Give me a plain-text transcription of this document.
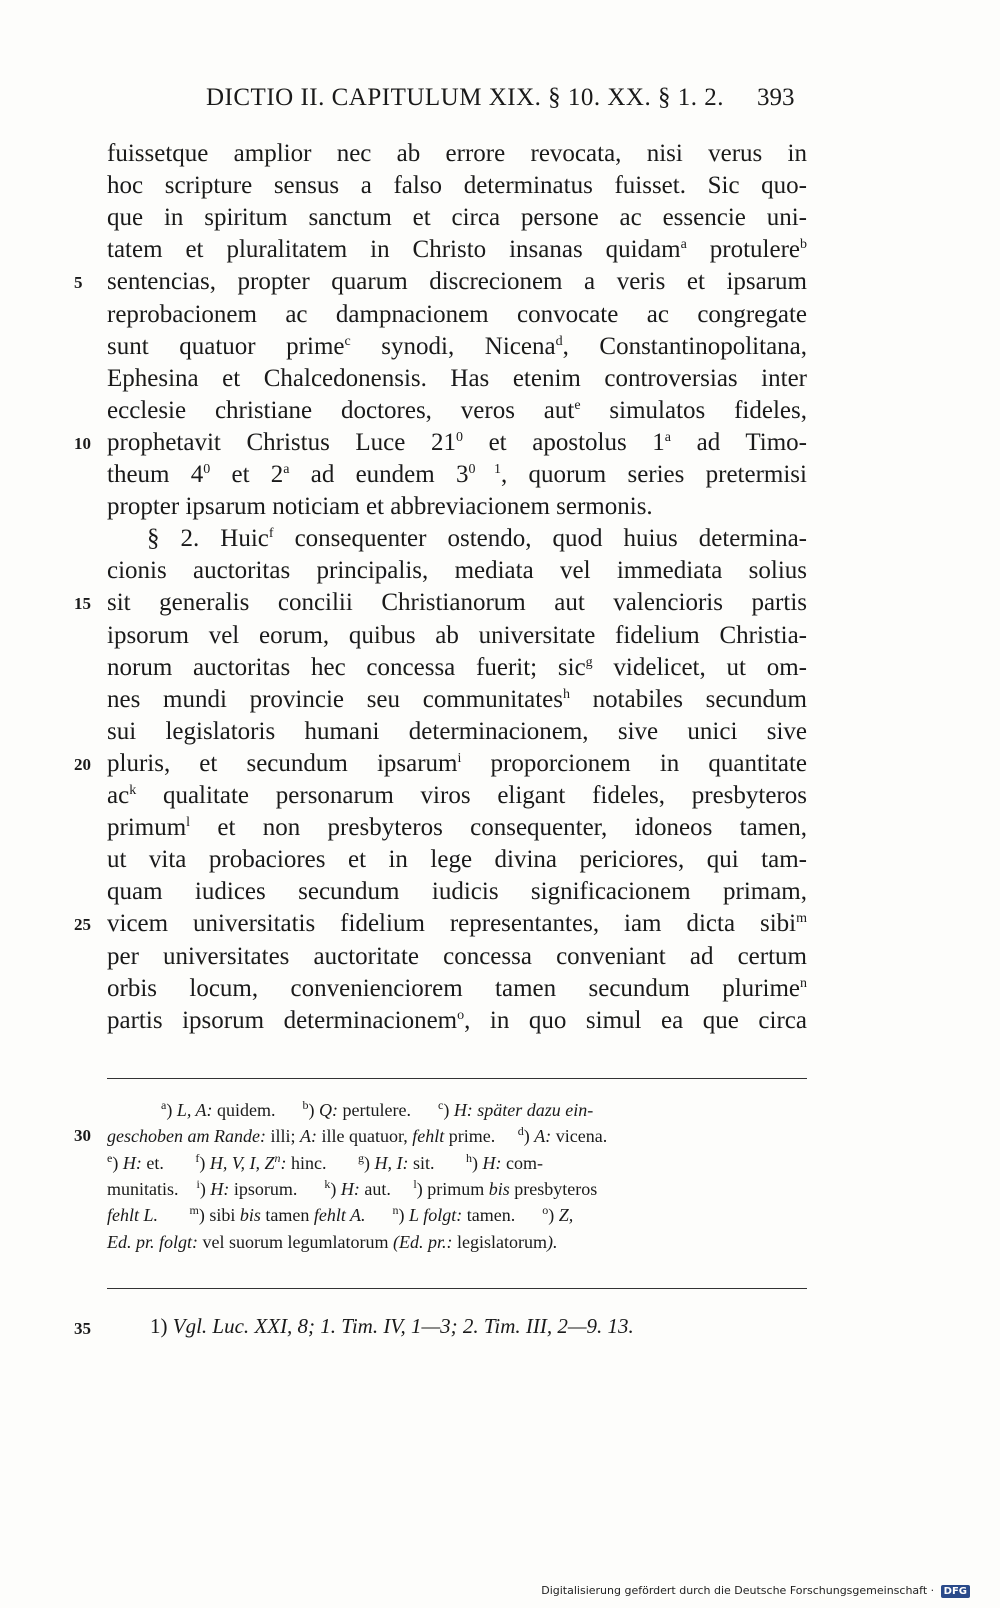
DICTIO II. CAPITULUM XIX. § 10. XX. § 1. 2. 393
fuissetque amplior nec ab errore revocata, nisi verus in
hoc scripture sensus a falso determinatus fuisset. Sic quo-
que in spiritum sanctum et circa persone ac essencie uni-
tatem et pluralitatem in Christo insanas quidam$^a$ protulere$^b$
sentencias, propter quarum discrecionem a veris et ipsarum
5
reprobacionem ac dampnacionem convocate ac congregate
sunt quatuor prime$^c$ synodi, Nicena$^d$, Constantinopolitana,
Ephesina et Chalcedonensis. Has etenim controversias inter
ecclesie christiane doctores, veros aut$^e$ simulatos fideles,
prophetavit Christus Luce $21^0$ et apostolus 1$^a$ ad Timo-
10
theum $4^0$ et 2$^a$ ad eundem $3^{0 1}$, quorum series pretermisi
propter ipsarum noticiam et abbreviacionem sermonis.
§ 2. Huic$^f$ consequenter ostendo, quod huius determina-
cionis auctoritas principalis, mediata vel immediata solius
sit generalis concilii Christianorum aut valencioris partis
15
ipsorum vel eorum, quibus ab universitate fidelium Christia-
norum auctoritas hec concessa fuerit; sic$^g$ videlicet, ut om-
nes mundi provincie seu communitates$^h$ notabiles secundum
sui legislatoris humani determinacionem, sive unici sive
pluris, et secundum ipsarum$^i$ proporcionem in quantitate
20
$ac^k$ qualitate personarum viros eligant fideles, presbyteros
primum$^l$ et non presbyteros consequenter, idoneos tamen,
ut vita probaciores et in lege divina periciores, qui tam-
quam iudices secundum iudicis significacionem primam,
vicem universitatis fidelium representantes, iam dicta sibi$^m$
25
per universitates auctoritate concessa conveniant ad certum
orbis locum, convenienciorem tamen secundum plurime$^n$
partis ipsorum determinacionem$^o$, in quo simul ea que circa
$^a$) L, A: quidem.      $^b$) Q: pertulere.      $^c$) H: später dazu ein-
geschoben am Rande: illi; A: ille quatuor, fehlt prime.     $^d$) A: vicena.
30
$^e$) H: et.       $^f$) H, V, I, $Z^n$: hinc.       $^g$) H, I: sit.       $^h$) H: com-
munitatis.    $^i$) H: ipsorum.      $^k$) H: aut.     $^l$) primum bis presbyteros
fehlt L.	$^m$) sibi bis tamen fehlt A. $^n$) L folgt: tamen.      $^o$) Z,
Ed. pr. folgt: vel suorum legumlatorum (Ed. pr.: legislatorum).
35	1) Vgl. Luc. XXI, 8; 1. Tim. IV, 1—3; 2. Tim. III, 2—9. 13.
Digitalisierung gefördert durch die Deutsche Forschungsgemeinschaft · DFG
